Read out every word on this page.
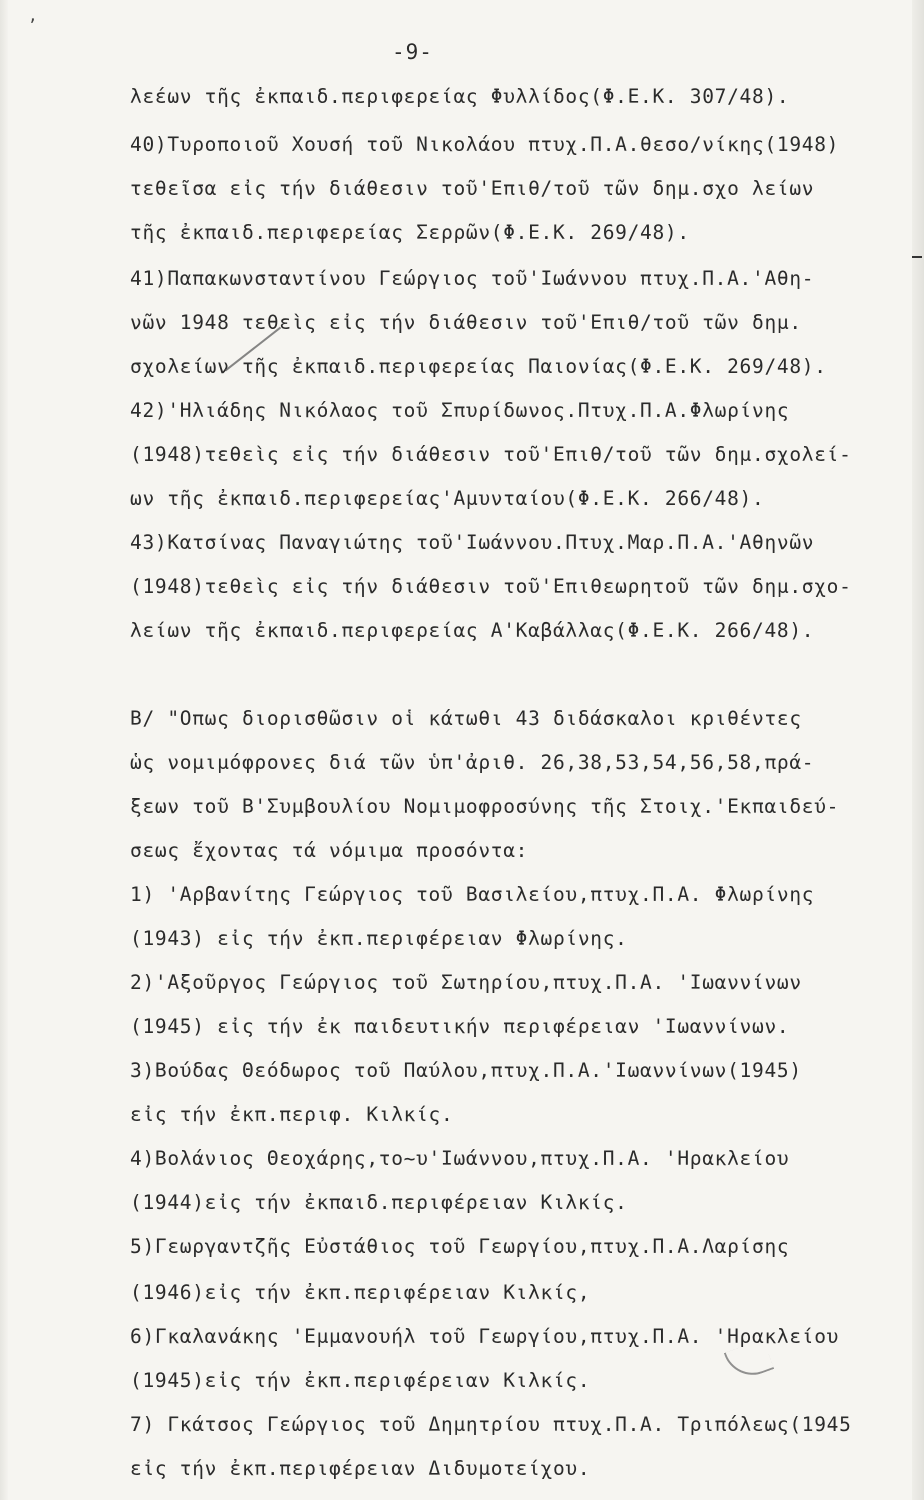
,
-9-
λεέων τῆς ἐκπαιδ.περιφερείας Φυλλίδος(Φ.Ε.Κ. 307/48).
40)Τυροποιοῦ Χουσή τοῦ Νικολάου πτυχ.Π.Α.θεσο/νίκης(1948)
τεθεῖσα εἰς τήν διάθεσιν τοῦ'Επιθ/τοῦ τῶν δημ.σχο λείων
τῆς ἐκπαιδ.περιφερείας Σερρῶν(Φ.Ε.Κ. 269/48).
41)Παπακωνσταντίνου Γεώργιος τοῦ'Ιωάννου πτυχ.Π.Α.'Αθη-
νῶν 1948 τεθεὶς εἰς τήν διάθεσιν τοῦ'Επιθ/τοῦ τῶν δημ.
σχολείων τῆς ἐκπαιδ.περιφερείας Παιονίας(Φ.Ε.Κ. 269/48).
42)'Ηλιάδης Νικόλαος τοῦ Σπυρίδωνος.Πτυχ.Π.Α.Φλωρίνης
(1948)τεθεὶς εἰς τήν διάθεσιν τοῦ'Επιθ/τοῦ τῶν δημ.σχολεί-
ων τῆς ἐκπαιδ.περιφερείας'Αμυνταίου(Φ.Ε.Κ. 266/48).
43)Κατσίνας Παναγιώτης τοῦ'Ιωάννου.Πτυχ.Μαρ.Π.Α.'Αθηνῶν
(1948)τεθεὶς εἰς τήν διάθεσιν τοῦ'Επιθεωρητοῦ τῶν δημ.σχο-
λείων τῆς ἐκπαιδ.περιφερείας Α'Καβάλλας(Φ.Ε.Κ. 266/48).
Β/ "Οπως διορισθῶσιν οἱ κάτωθι 43 διδάσκαλοι κριθέντες
ὡς νομιμόφρονες διά τῶν ὑπ'ἀριθ. 26,38,53,54,56,58,πρά-
ξεων τοῦ Β'Συμβουλίου Νομιμοφροσύνης τῆς Στοιχ.'Εκπαιδεύ-
σεως ἔχοντας τά νόμιμα προσόντα:
1) 'Αρβανίτης Γεώργιος τοῦ Βασιλείου,πτυχ.Π.Α. Φλωρίνης
(1943) εἰς τήν ἐκπ.περιφέρειαν Φλωρίνης.
2)'Αξοῦργος Γεώργιος τοῦ Σωτηρίου,πτυχ.Π.Α. 'Ιωαννίνων
(1945) εἰς τήν ἐκ παιδευτικήν περιφέρειαν 'Ιωαννίνων.
3)Βούδας Θεόδωρος τοῦ Παύλου,πτυχ.Π.Α.'Ιωαννίνων(1945)
εἰς τήν ἐκπ.περιφ. Κιλκίς.
4)Βολάνιος Θεοχάρης,το~υ'Ιωάννου,πτυχ.Π.Α. 'Ηρακλείου
(1944)εἰς τήν ἐκπαιδ.περιφέρειαν Κιλκίς.
5)Γεωργαντζῆς Εὐστάθιος τοῦ Γεωργίου,πτυχ.Π.Α.Λαρίσης
(1946)εἰς τήν ἐκπ.περιφέρειαν Κιλκίς,
6)Γκαλανάκης 'Εμμανουήλ τοῦ Γεωργίου,πτυχ.Π.Α. 'Ηρακλείου
(1945)εἰς τήν ἐκπ.περιφέρειαν Κιλκίς.
7) Γκάτσος Γεώργιος τοῦ Δημητρίου πτυχ.Π.Α. Τριπόλεως(1945
εἰς τήν ἐκπ.περιφέρειαν Διδυμοτείχου.
